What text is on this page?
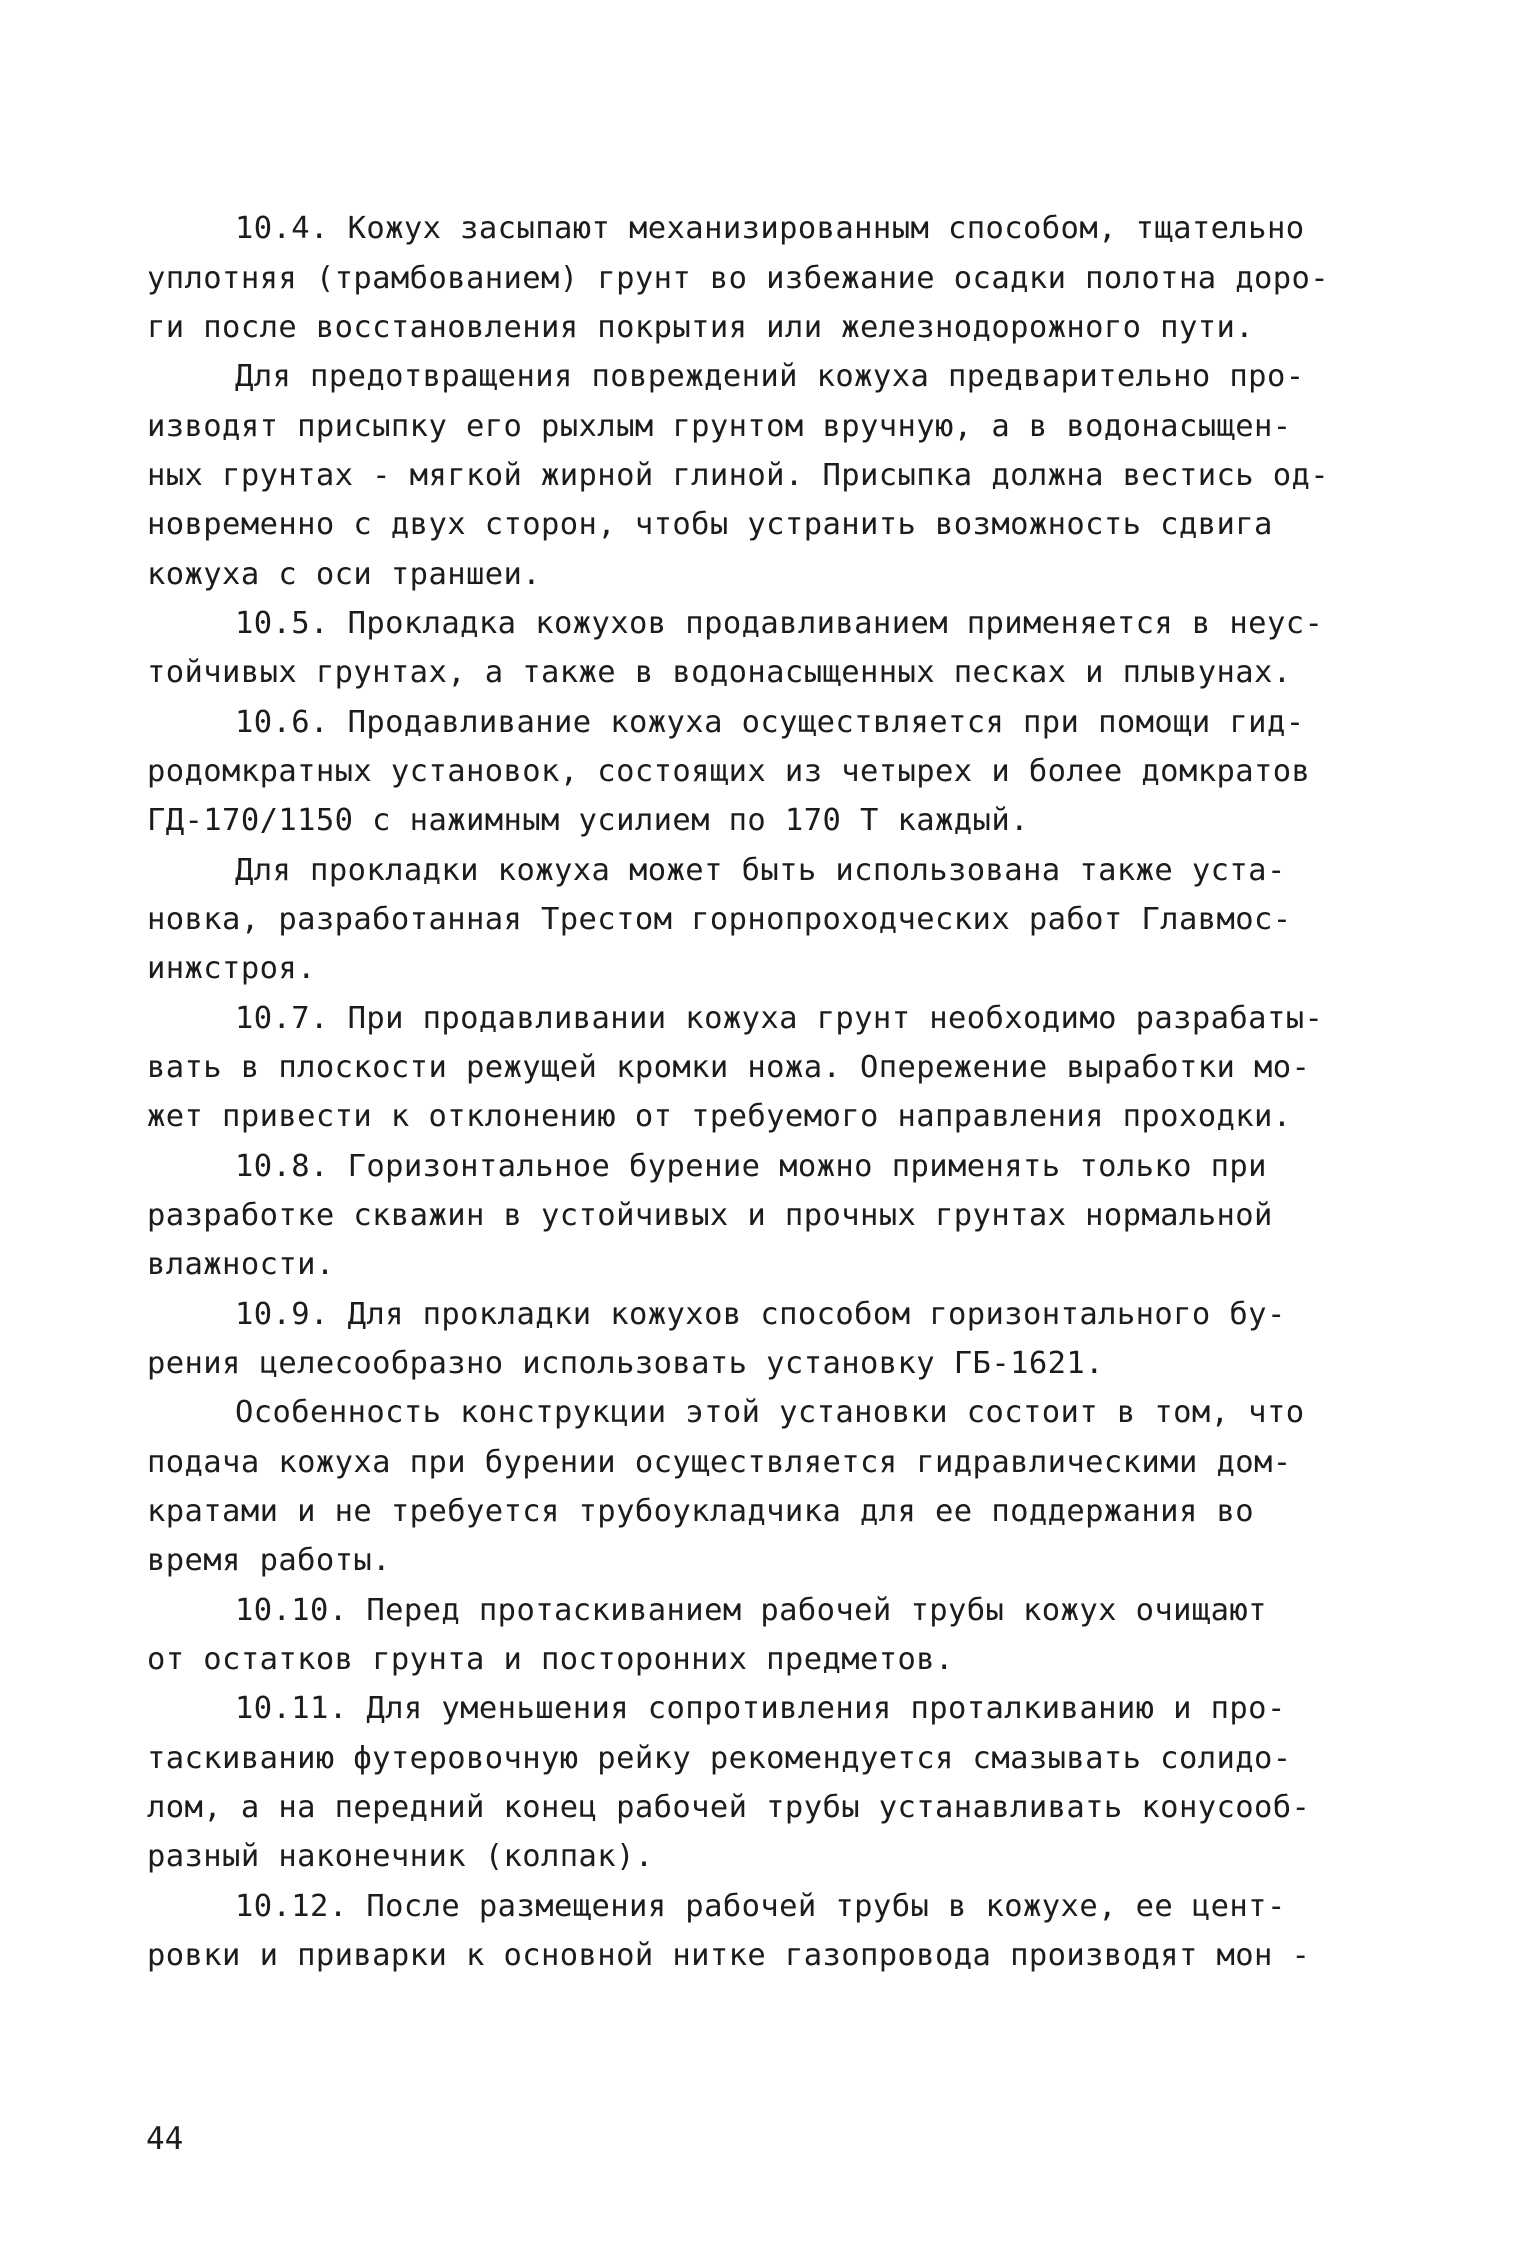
10.4. Кожух засыпают механизированным способом, тщательно

уплотняя (трамбованием) грунт во избежание осадки полотна доро-

ги после восстановления покрытия или железнодорожного пути.

Для предотвращения повреждений кожуха предварительно про-

изводят присыпку его рыхлым грунтом вручную, а в водонасыщен-

ных грунтах - мягкой жирной глиной. Присыпка должна вестись од-

новременно с двух сторон, чтобы устранить возможность сдвига

кожуха с оси траншеи.

10.5. Прокладка кожухов продавливанием применяется в неус-

тойчивых грунтах, а также в водонасыщенных песках и плывунах.

10.6. Продавливание кожуха осуществляется при помощи гид-

родомкратных установок, состоящих из четырех и более домкратов

ГД-170/1150 с нажимным усилием по 170 Т каждый.

Для прокладки кожуха может быть использована также уста-

новка, разработанная Трестом горнопроходческих работ Главмос-

инжстроя.

10.7. При продавливании кожуха грунт необходимо разрабаты-

вать в плоскости режущей кромки ножа. Опережение выработки мо-

жет привести к отклонению от требуемого направления проходки.

10.8. Горизонтальное бурение можно применять только при

разработке скважин в устойчивых и прочных грунтах нормальной

влажности.

10.9. Для прокладки кожухов способом горизонтального бу-

рения целесообразно использовать установку ГБ-1621.

Особенность конструкции этой установки состоит в том, что

подача кожуха при бурении осуществляется гидравлическими дом-

кратами и не требуется трубоукладчика для ее поддержания во

время работы.

10.10. Перед протаскиванием рабочей трубы кожух очищают

от остатков грунта и посторонних предметов.

10.11. Для уменьшения сопротивления проталкиванию и про-

таскиванию футеровочную рейку рекомендуется смазывать солидо-

лом, а на передний конец рабочей трубы устанавливать конусооб-

разный наконечник (колпак).

10.12. После размещения рабочей трубы в кожухе, ее цент-

ровки и приварки к основной нитке газопровода производят мон -

44
